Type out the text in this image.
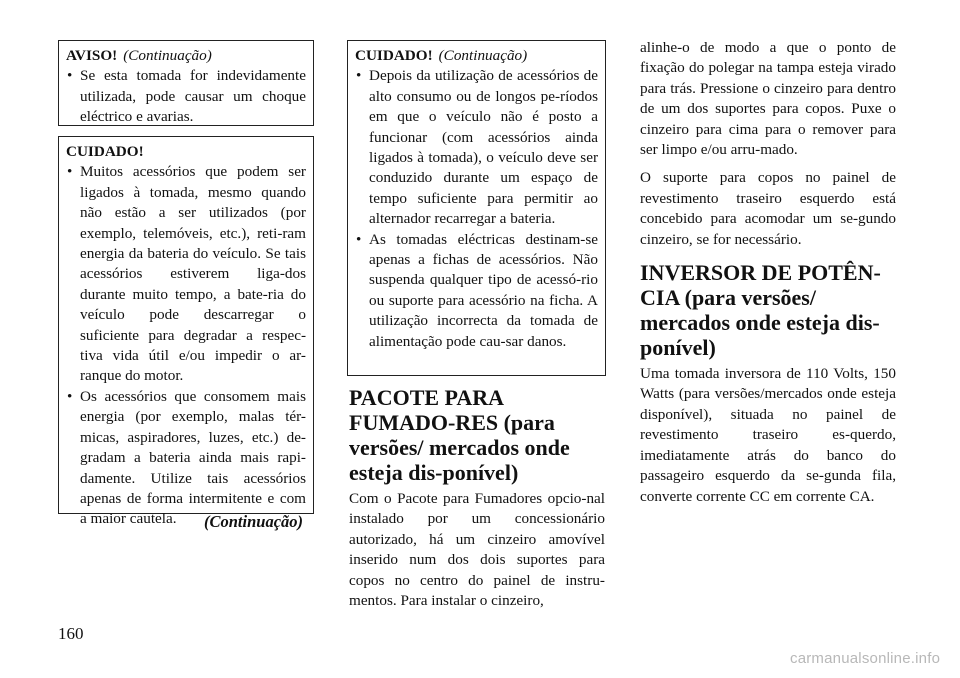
AVISO! (Continuação)
• Se esta tomada for indevidamente utilizada, pode causar um choque eléctrico e avarias.
CUIDADO!
• Muitos acessórios que podem ser ligados à tomada, mesmo quando não estão a ser utilizados (por exemplo, telemóveis, etc.), reti-ram energia da bateria do veículo. Se tais acessórios estiverem liga-dos durante muito tempo, a bate-ria do veículo pode descarregar o suficiente para degradar a respec-tiva vida útil e/ou impedir o ar-ranque do motor.
• Os acessórios que consomem mais energia (por exemplo, malas tér-micas, aspiradores, luzes, etc.) de-gradam a bateria ainda mais rapi-damente. Utilize tais acessórios apenas de forma intermitente e com a maior cautela.	(Continuação)
CUIDADO! (Continuação)
• Depois da utilização de acessórios de alto consumo ou de longos pe-ríodos em que o veículo não é posto a funcionar (com acessórios ainda ligados à tomada), o veículo deve ser conduzido durante um espaço de tempo suficiente para permitir ao alternador recarregar a bateria.
• As tomadas eléctricas destinam-se apenas a fichas de acessórios. Não suspenda qualquer tipo de acessó-rio ou suporte para acessório na ficha. A utilização incorrecta da tomada de alimentação pode cau-sar danos.
PACOTE PARA FUMADO-RES (para versões/ mercados onde esteja dis-ponível)

Com o Pacote para Fumadores opcio-nal instalado por um concessionário autorizado, há um cinzeiro amovível inserido num dos dois suportes para copos no centro do painel de instru-mentos. Para instalar o cinzeiro,

alinhe-o de modo a que o ponto de fixação do polegar na tampa esteja virado para trás. Pressione o cinzeiro para dentro de um dos suportes para copos. Puxe o cinzeiro para cima para o remover para ser limpo e/ou arru-mado.

O suporte para copos no painel de revestimento traseiro esquerdo está concebido para acomodar um se-gundo cinzeiro, se for necessário.

INVERSOR DE POTÊN-CIA (para versões/ mercados onde esteja dis-ponível)

Uma tomada inversora de 110 Volts, 150 Watts (para versões/mercados onde esteja disponível), situada no painel de revestimento traseiro es-querdo, imediatamente atrás do banco do passageiro esquerdo da se-gunda fila, converte corrente CC em corrente CA.

160
carmanualsonline.info
